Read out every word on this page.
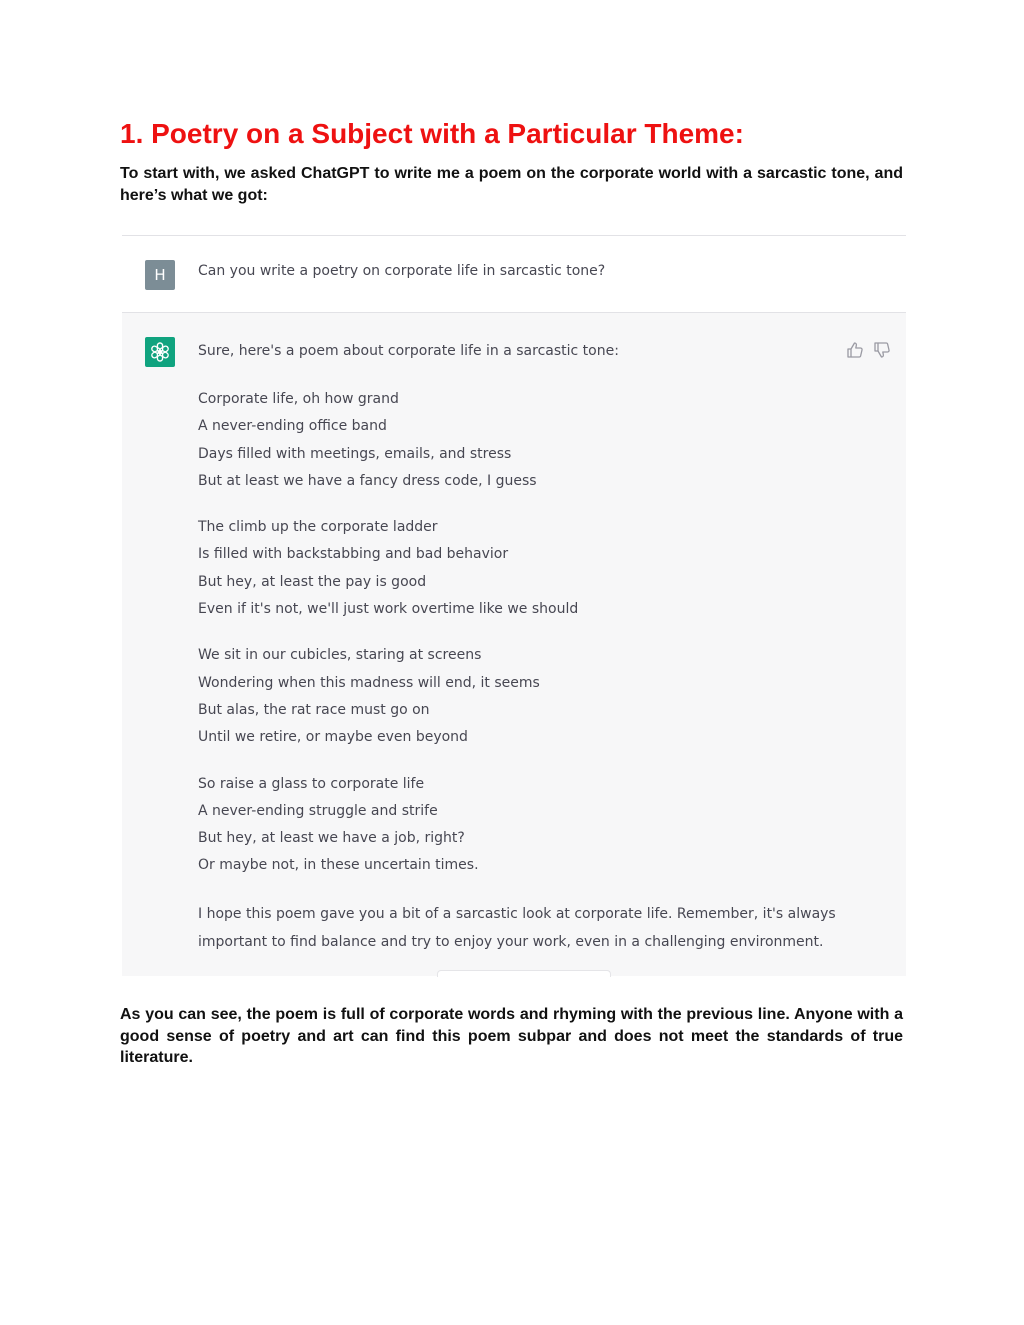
1. Poetry on a Subject with a Particular Theme:

To start with, we asked ChatGPT to write me a poem on the corporate world with a sarcastic tone, and here’s what we got:

H	Can you write a poetry on corporate life in sarcastic tone?

Sure, here's a poem about corporate life in a sarcastic tone:

Corporate life, oh how grand
A never-ending office band
Days filled with meetings, emails, and stress
But at least we have a fancy dress code, I guess
The climb up the corporate ladder
Is filled with backstabbing and bad behavior
But hey, at least the pay is good
Even if it's not, we'll just work overtime like we should
We sit in our cubicles, staring at screens
Wondering when this madness will end, it seems
But alas, the rat race must go on
Until we retire, or maybe even beyond
So raise a glass to corporate life
A never-ending struggle and strife
But hey, at least we have a job, right?
Or maybe not, in these uncertain times.

I hope this poem gave you a bit of a sarcastic look at corporate life. Remember, it's always important to find balance and try to enjoy your work, even in a challenging environment.

As you can see, the poem is full of corporate words and rhyming with the previous line. Anyone with a good sense of poetry and art can find this poem subpar and does not meet the standards of true literature.
